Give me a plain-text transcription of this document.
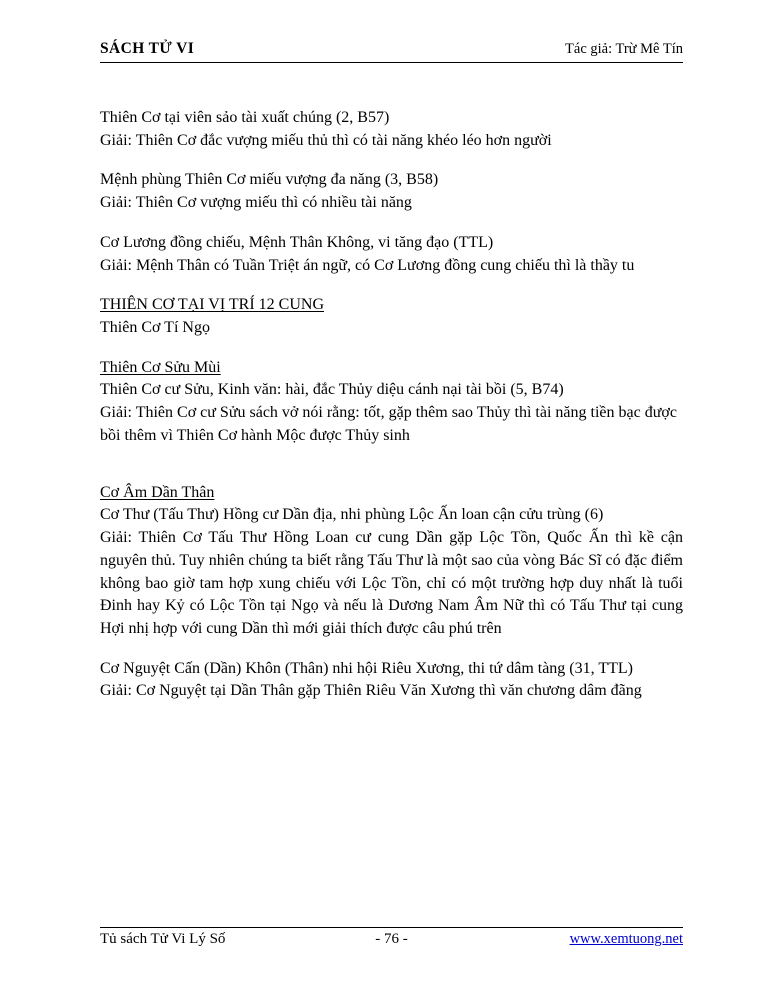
SÁCH TỬ VI	Tác giả: Trừ Mê Tín

Thiên Cơ tại viên sảo tài xuất chúng (2, B57)

Giải: Thiên Cơ đắc vượng miếu thủ thì có tài năng khéo léo hơn người

Mệnh phùng Thiên Cơ miếu vượng đa năng (3, B58)

Giải: Thiên Cơ vượng miếu thì có nhiều tài năng

Cơ Lương đồng chiếu, Mệnh Thân Không, vi tăng đạo (TTL)

Giải: Mệnh Thân có Tuần Triệt án ngữ, có Cơ Lương đồng cung chiếu thì là thầy tu

THIÊN CƠ TẠI VỊ TRÍ 12 CUNG

Thiên Cơ Tí Ngọ

Thiên Cơ Sửu Mùi

Thiên Cơ cư Sửu, Kinh văn: hài, đắc Thủy diệu cánh nại tài bồi (5, B74)

Giải: Thiên Cơ cư Sửu sách vở nói rằng: tốt, gặp thêm sao Thủy thì tài năng tiền bạc được bồi thêm vì Thiên Cơ hành Mộc được Thủy sinh

Cơ Âm Dần Thân

Cơ Thư (Tấu Thư) Hồng cư Dần địa, nhi phùng Lộc Ấn loan cận cửu trùng (6)

Giải: Thiên Cơ Tấu Thư Hồng Loan cư cung Dần gặp Lộc Tồn, Quốc Ấn thì kề cận nguyên thủ. Tuy nhiên chúng ta biết rằng Tấu Thư là một sao của vòng Bác Sĩ có đặc điểm không bao giờ tam hợp xung chiếu với Lộc Tồn, chỉ có một trường hợp duy nhất là tuổi Đinh hay Kỷ có Lộc Tồn tại Ngọ và nếu là Dương Nam Âm Nữ thì có Tấu Thư tại cung Hợi nhị hợp với cung Dần thì mới giải thích được câu phú trên

Cơ Nguyệt Cấn (Dần) Khôn (Thân) nhi hội Riêu Xương, thi tứ dâm tàng (31, TTL)

Giải: Cơ Nguyệt tại Dần Thân gặp Thiên Riêu Văn Xương thì văn chương dâm đãng

Tủ sách Tử Vi Lý Số	- 76 -	www.xemtuong.net
